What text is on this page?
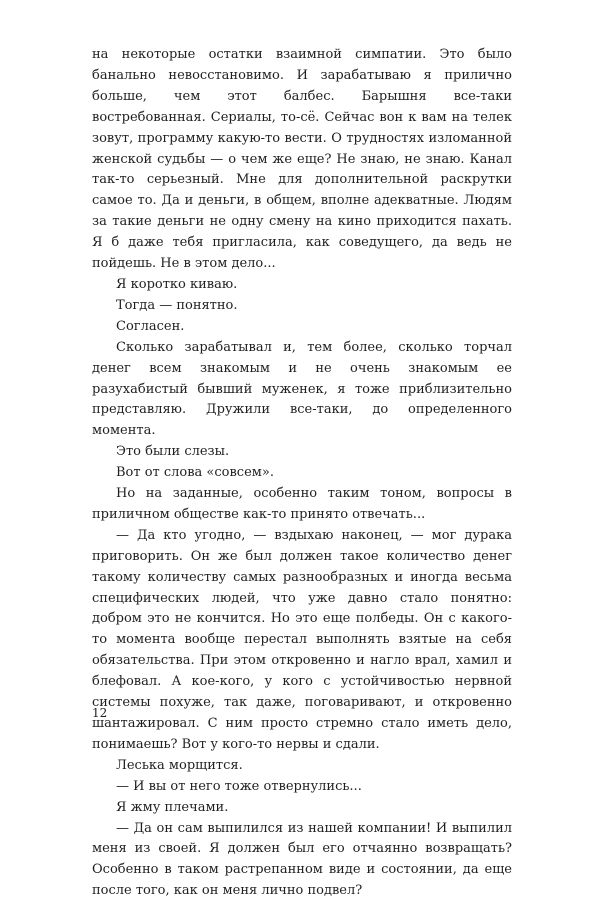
на некоторые остатки взаимной симпатии. Это было банально невосстановимо. И зарабатываю я прилично больше, чем этот балбес. Барышня все-таки востребованная. Сериалы, то-сё. Сейчас вон к вам на телек зовут, программу какую-то вести. О трудностях изломанной женской судьбы — о чем же еще? Не знаю, не знаю. Канал так-то серьезный. Мне для дополнительной раскрутки самое то. Да и деньги, в общем, вполне адекватные. Людям за такие деньги не одну смену на кино приходится пахать. Я б даже тебя пригласила, как соведущего, да ведь не пойдешь. Не в этом дело...

Я коротко киваю.

Тогда — понятно.

Согласен.

Сколько зарабатывал и, тем более, сколько торчал денег всем знакомым и не очень знакомым ее разухабистый бывший муженек, я тоже приблизительно представляю. Дружили все-таки, до определенного момента.

Это были слезы.

Вот от слова «совсем».

Но на заданные, особенно таким тоном, вопросы в приличном обществе как-то принято отвечать...

— Да кто угодно, — вздыхаю наконец, — мог дурака приговорить. Он же был должен такое количество денег такому количеству самых разнообразных и иногда весьма специфических людей, что уже давно стало понятно: добром это не кончится. Но это еще полбеды. Он с какого-то момента вообще перестал выполнять взятые на себя обязательства. При этом откровенно и нагло врал, хамил и блефовал. А кое-кого, у кого с устойчивостью нервной системы похуже, так даже, поговаривают, и откровенно шантажировал. С ним просто стремно стало иметь дело, понимаешь? Вот у кого-то нервы и сдали.

Леська морщится.

— И вы от него тоже отвернулись...

Я жму плечами.

— Да он сам выпилился из нашей компании! И выпилил меня из своей. Я должен был его отчаянно возвращать? Особенно в таком растрепанном виде и состоянии, да еще после того, как он меня лично подвел?

12
